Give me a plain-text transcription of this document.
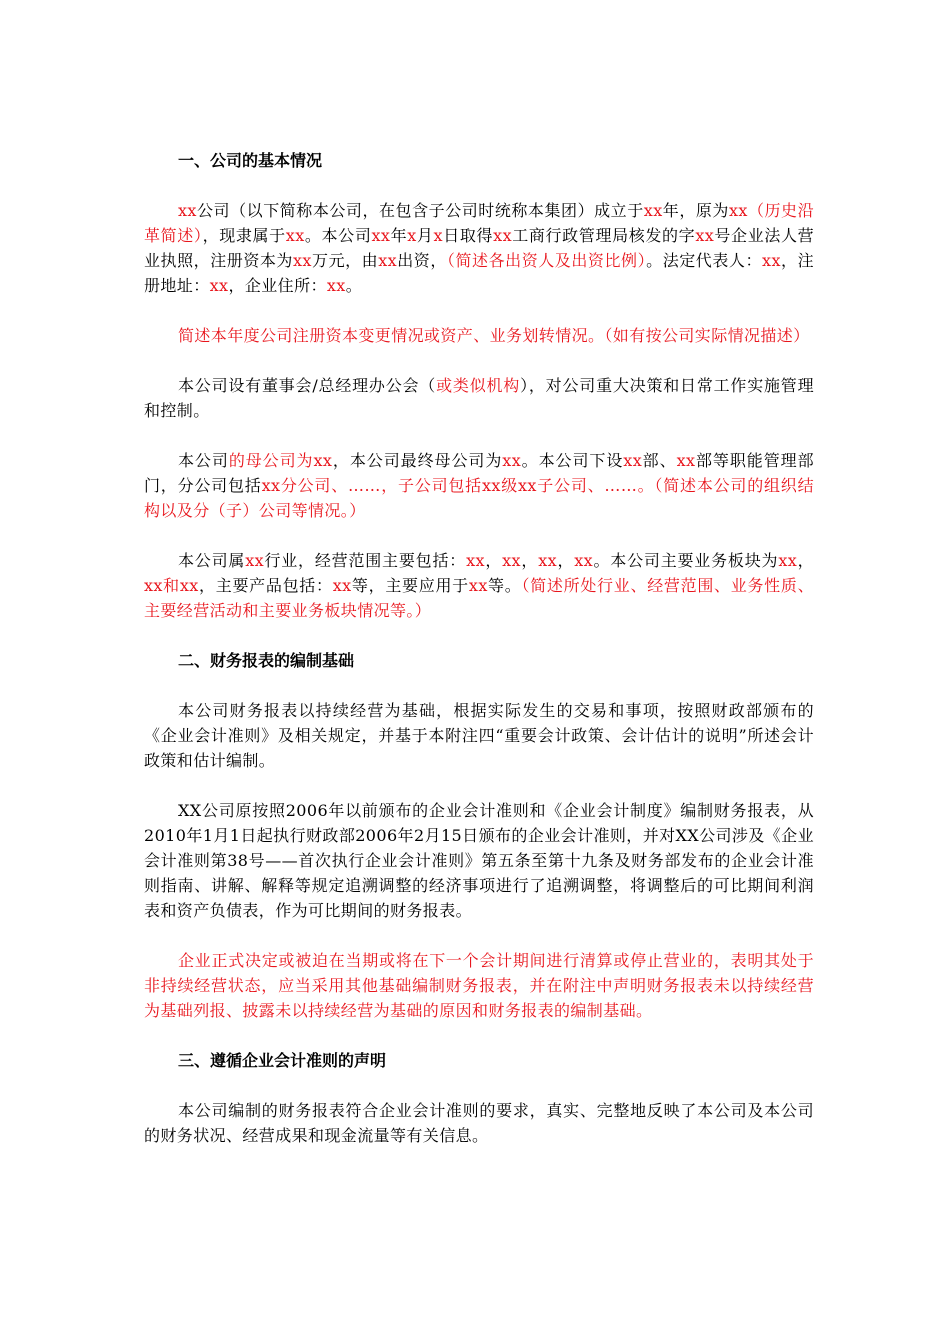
一、公司的基本情况

xx公司（以下简称本公司，在包含子公司时统称本集团）成立于xx年，原为xx（历史沿革简述），现隶属于xx。本公司xx年x月x日取得xx工商行政管理局核发的字xx号企业法人营业执照，注册资本为xx万元，由xx出资，（简述各出资人及出资比例）。法定代表人：xx，注册地址：xx，企业住所：xx。

简述本年度公司注册资本变更情况或资产、业务划转情况。（如有按公司实际情况描述）

本公司设有董事会/总经理办公会（或类似机构），对公司重大决策和日常工作实施管理和控制。

本公司的母公司为xx，本公司最终母公司为xx。本公司下设xx部、xx部等职能管理部门，分公司包括xx分公司、……，子公司包括xx级xx子公司、……。（简述本公司的组织结构以及分（子）公司等情况。）

本公司属xx行业，经营范围主要包括：xx，xx，xx，xx。本公司主要业务板块为xx，xx和xx，主要产品包括：xx等，主要应用于xx等。（简述所处行业、经营范围、业务性质、主要经营活动和主要业务板块情况等。）

二、财务报表的编制基础

本公司财务报表以持续经营为基础，根据实际发生的交易和事项，按照财政部颁布的《企业会计准则》及相关规定，并基于本附注四“重要会计政策、会计估计的说明”所述会计政策和估计编制。

XX公司原按照2006年以前颁布的企业会计准则和《企业会计制度》编制财务报表，从2010年1月1日起执行财政部2006年2月15日颁布的企业会计准则，并对XX公司涉及《企业会计准则第38号——首次执行企业会计准则》第五条至第十九条及财务部发布的企业会计准则指南、讲解、解释等规定追溯调整的经济事项进行了追溯调整，将调整后的可比期间利润表和资产负债表，作为可比期间的财务报表。

企业正式决定或被迫在当期或将在下一个会计期间进行清算或停止营业的，表明其处于非持续经营状态，应当采用其他基础编制财务报表，并在附注中声明财务报表未以持续经营为基础列报、披露未以持续经营为基础的原因和财务报表的编制基础。

三、遵循企业会计准则的声明

本公司编制的财务报表符合企业会计准则的要求，真实、完整地反映了本公司及本公司的财务状况、经营成果和现金流量等有关信息。
